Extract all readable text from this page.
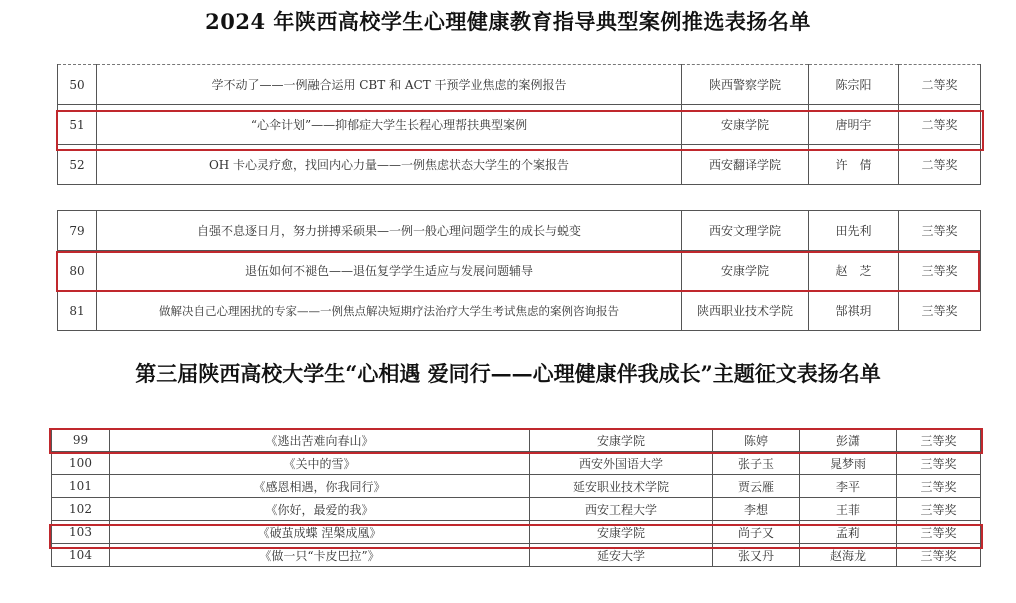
2024 年陕西高校学生心理健康教育指导典型案例推选表扬名单
50	学不动了——一例融合运用 CBT 和 ACT 干预学业焦虑的案例报告	陕西警察学院	陈宗阳	二等奖
51	“心伞计划”——抑郁症大学生长程心理帮扶典型案例	安康学院	唐明宇	二等奖
52	OH 卡心灵疗愈，找回内心力量——一例焦虑状态大学生的个案报告	西安翻译学院	许　倩	二等奖
79	自强不息逐日月，努力拼搏采硕果—一例一般心理问题学生的成长与蜕变	西安文理学院	田先利	三等奖
80	退伍如何不褪色——退伍复学学生适应与发展问题辅导	安康学院	赵　芝	三等奖
81	做解决自己心理困扰的专家——一例焦点解决短期疗法治疗大学生考试焦虑的案例咨询报告	陕西职业技术学院	郜祺玥	三等奖
第三届陕西高校大学生“心相遇 爱同行——心理健康伴我成长”主题征文表扬名单
99	《逃出苦难向春山》	安康学院	陈婷	彭潇	三等奖
100	《关中的雪》	西安外国语大学	张子玉	晁梦雨	三等奖
101	《感恩相遇，你我同行》	延安职业技术学院	贾云雁	李平	三等奖
102	《你好，最爱的我》	西安工程大学	李想	王菲	三等奖
103	《破茧成蝶 涅槃成凰》	安康学院	尚子又	孟莉	三等奖
104	《做一只“卡皮巴拉”》	延安大学	张又丹	赵海龙	三等奖
